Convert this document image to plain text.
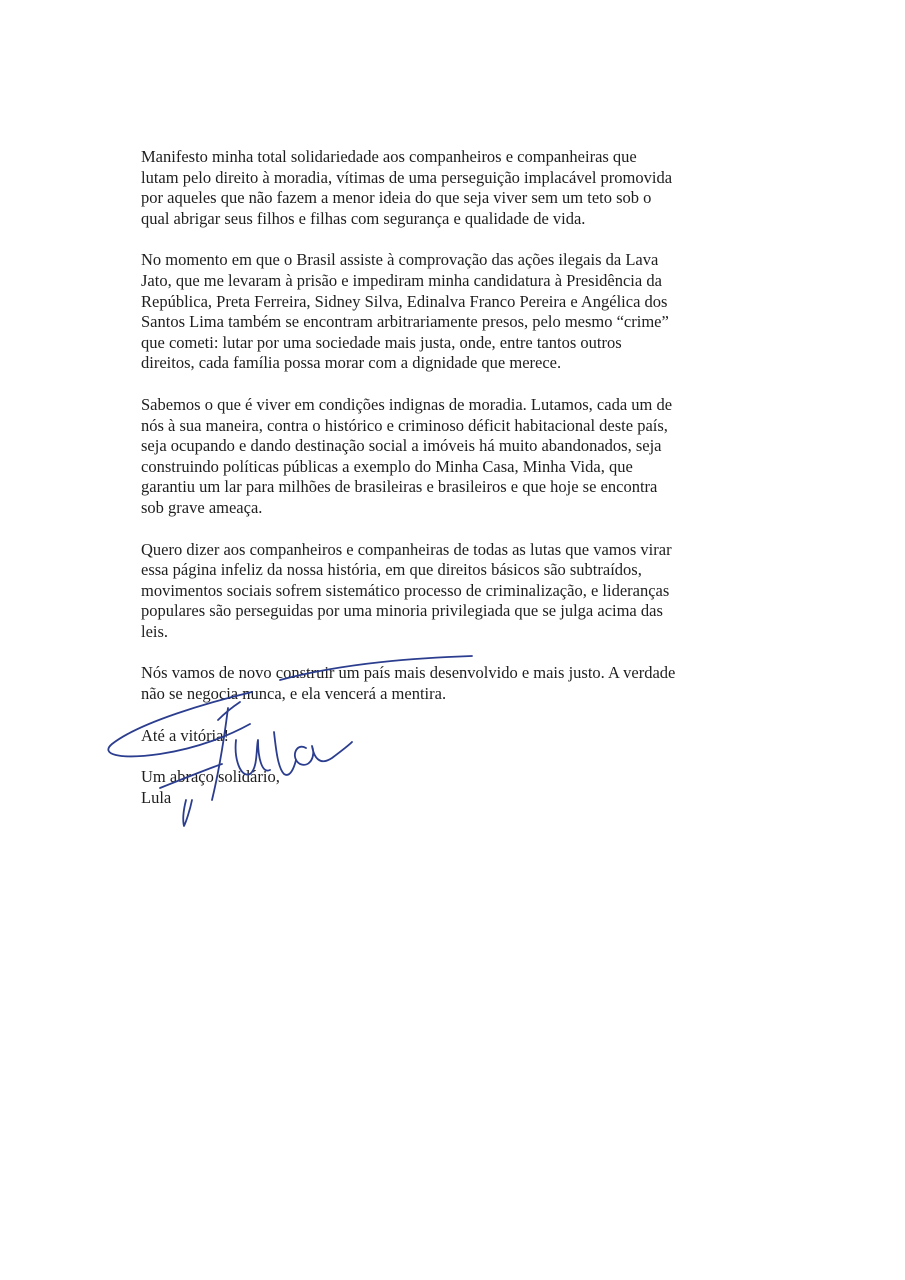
Manifesto minha total solidariedade aos companheiros e companheiras que
lutam pelo direito à moradia, vítimas de uma perseguição implacável promovida
por aqueles que não fazem a menor ideia do que seja viver sem um teto sob o
qual abrigar seus filhos e filhas com segurança e qualidade de vida.
No momento em que o Brasil assiste à comprovação das ações ilegais da Lava
Jato, que me levaram à prisão e impediram minha candidatura à Presidência da
República, Preta Ferreira, Sidney Silva, Edinalva Franco Pereira e Angélica dos
Santos Lima também se encontram arbitrariamente presos, pelo mesmo “crime”
que cometi: lutar por uma sociedade mais justa, onde, entre tantos outros
direitos, cada família possa morar com a dignidade que merece.
Sabemos o que é viver em condições indignas de moradia. Lutamos, cada um de
nós à sua maneira, contra o histórico e criminoso déficit habitacional deste país,
seja ocupando e dando destinação social a imóveis há muito abandonados, seja
construindo políticas públicas a exemplo do Minha Casa, Minha Vida, que
garantiu um lar para milhões de brasileiras e brasileiros e que hoje se encontra
sob grave ameaça.
Quero dizer aos companheiros e companheiras de todas as lutas que vamos virar
essa página infeliz da nossa história, em que direitos básicos são subtraídos,
movimentos sociais sofrem sistemático processo de criminalização, e lideranças
populares são perseguidas por uma minoria privilegiada que se julga acima das
leis.
Nós vamos de novo construir um país mais desenvolvido e mais justo. A verdade
não se negocia nunca, e ela vencerá a mentira.
Até a vitória!
Um abraço solidário,
Lula
